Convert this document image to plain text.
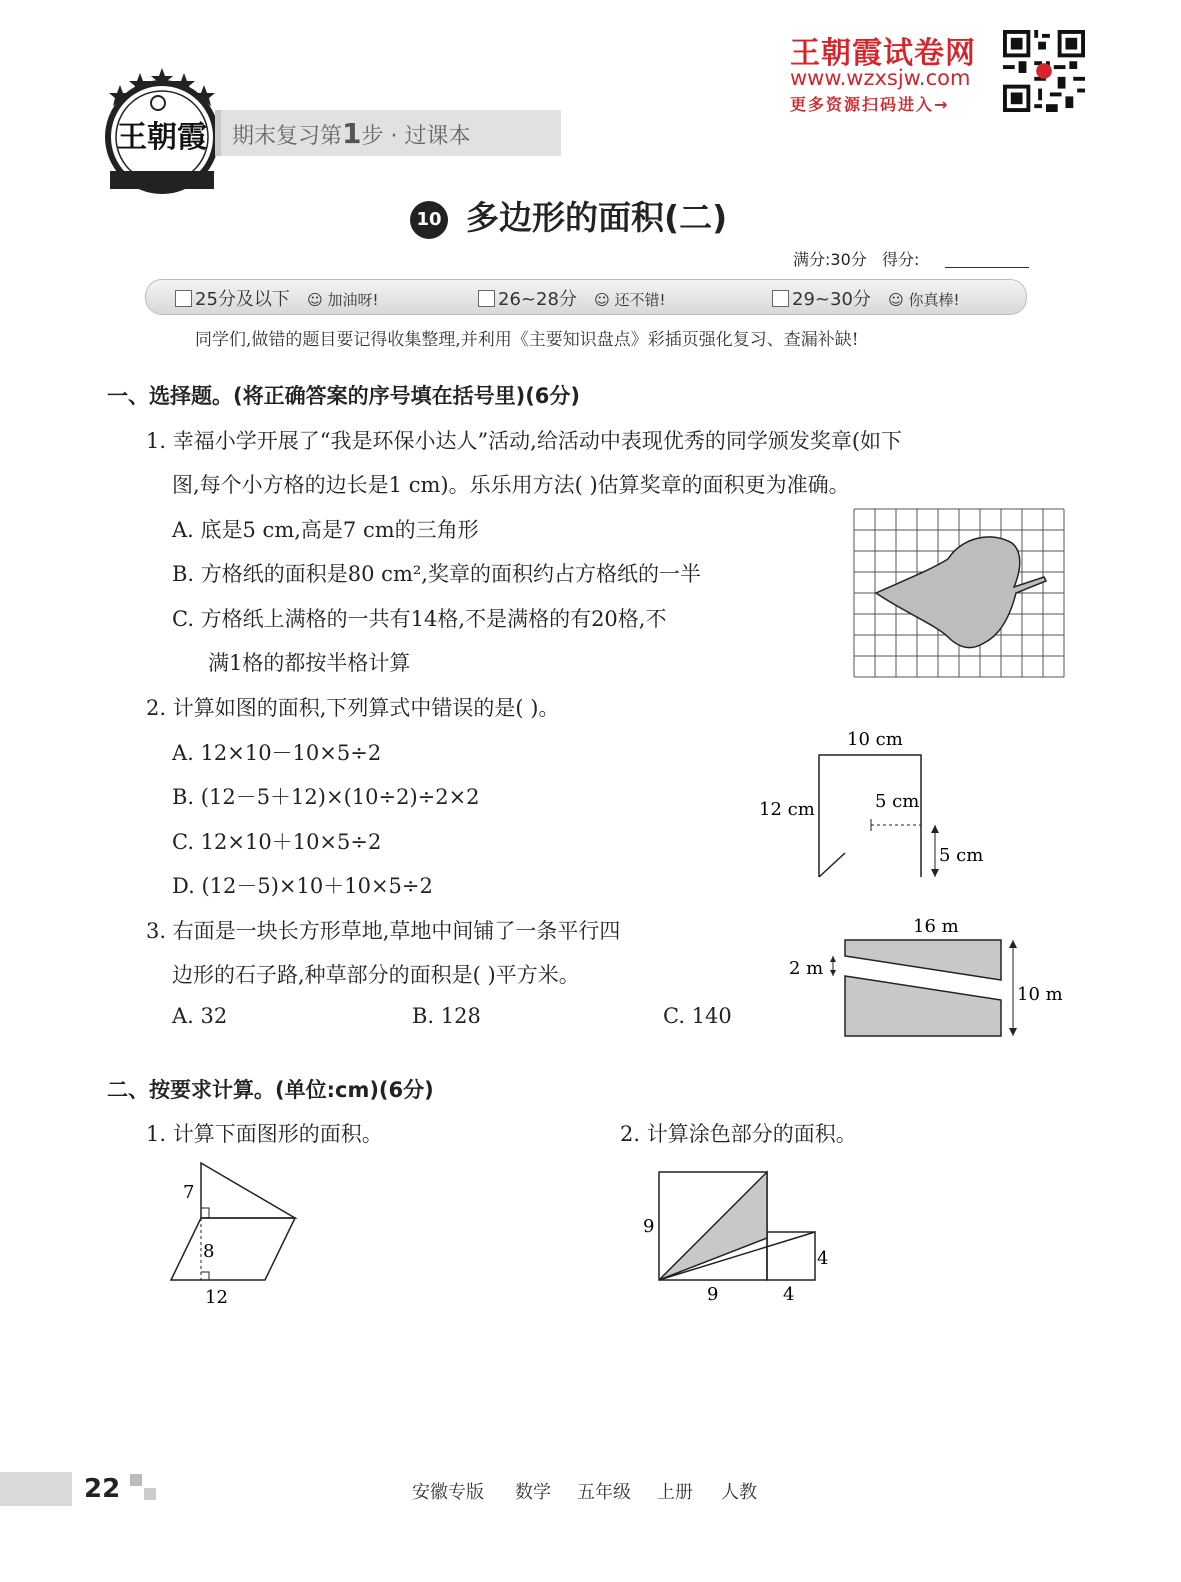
王朝霞
王朝霞试卷网
www.wzxsjw.com
更多资源扫码进入→
期末复习第1步 · 过课本
10 多边形的面积(二)
满分:30分 得分:
25分及以下 ☺ 加油呀!	26~28分 ☺ 还不错!	29~30分 ☺ 你真棒!
同学们,做错的题目要记得收集整理,并利用《主要知识盘点》彩插页强化复习、查漏补缺!
一、选择题。(将正确答案的序号填在括号里)(6分)
1. 幸福小学开展了“我是环保小达人”活动,给活动中表现优秀的同学颁发奖章(如下
图,每个小方格的边长是1 cm)。乐乐用方法( )估算奖章的面积更为准确。
A. 底是5 cm,高是7 cm的三角形
B. 方格纸的面积是80 cm²,奖章的面积约占方格纸的一半
C. 方格纸上满格的一共有14格,不是满格的有20格,不
满1格的都按半格计算
2. 计算如图的面积,下列算式中错误的是( )。
A. 12×10－10×5÷2
B. (12－5＋12)×(10÷2)÷2×2
C. 12×10＋10×5÷2
D. (12－5)×10＋10×5÷2
10 cm
12 cm	5 cm
5 cm
3. 右面是一块长方形草地,草地中间铺了一条平行四
边形的石子路,种草部分的面积是( )平方米。
A. 32	B. 128	C. 140
16 m
2 m
10 m
二、按要求计算。(单位:cm)(6分)
1. 计算下面图形的面积。	2. 计算涂色部分的面积。
7
8
12
9
4
9	4
22	安徽专版 数学 五年级 上册 人教
